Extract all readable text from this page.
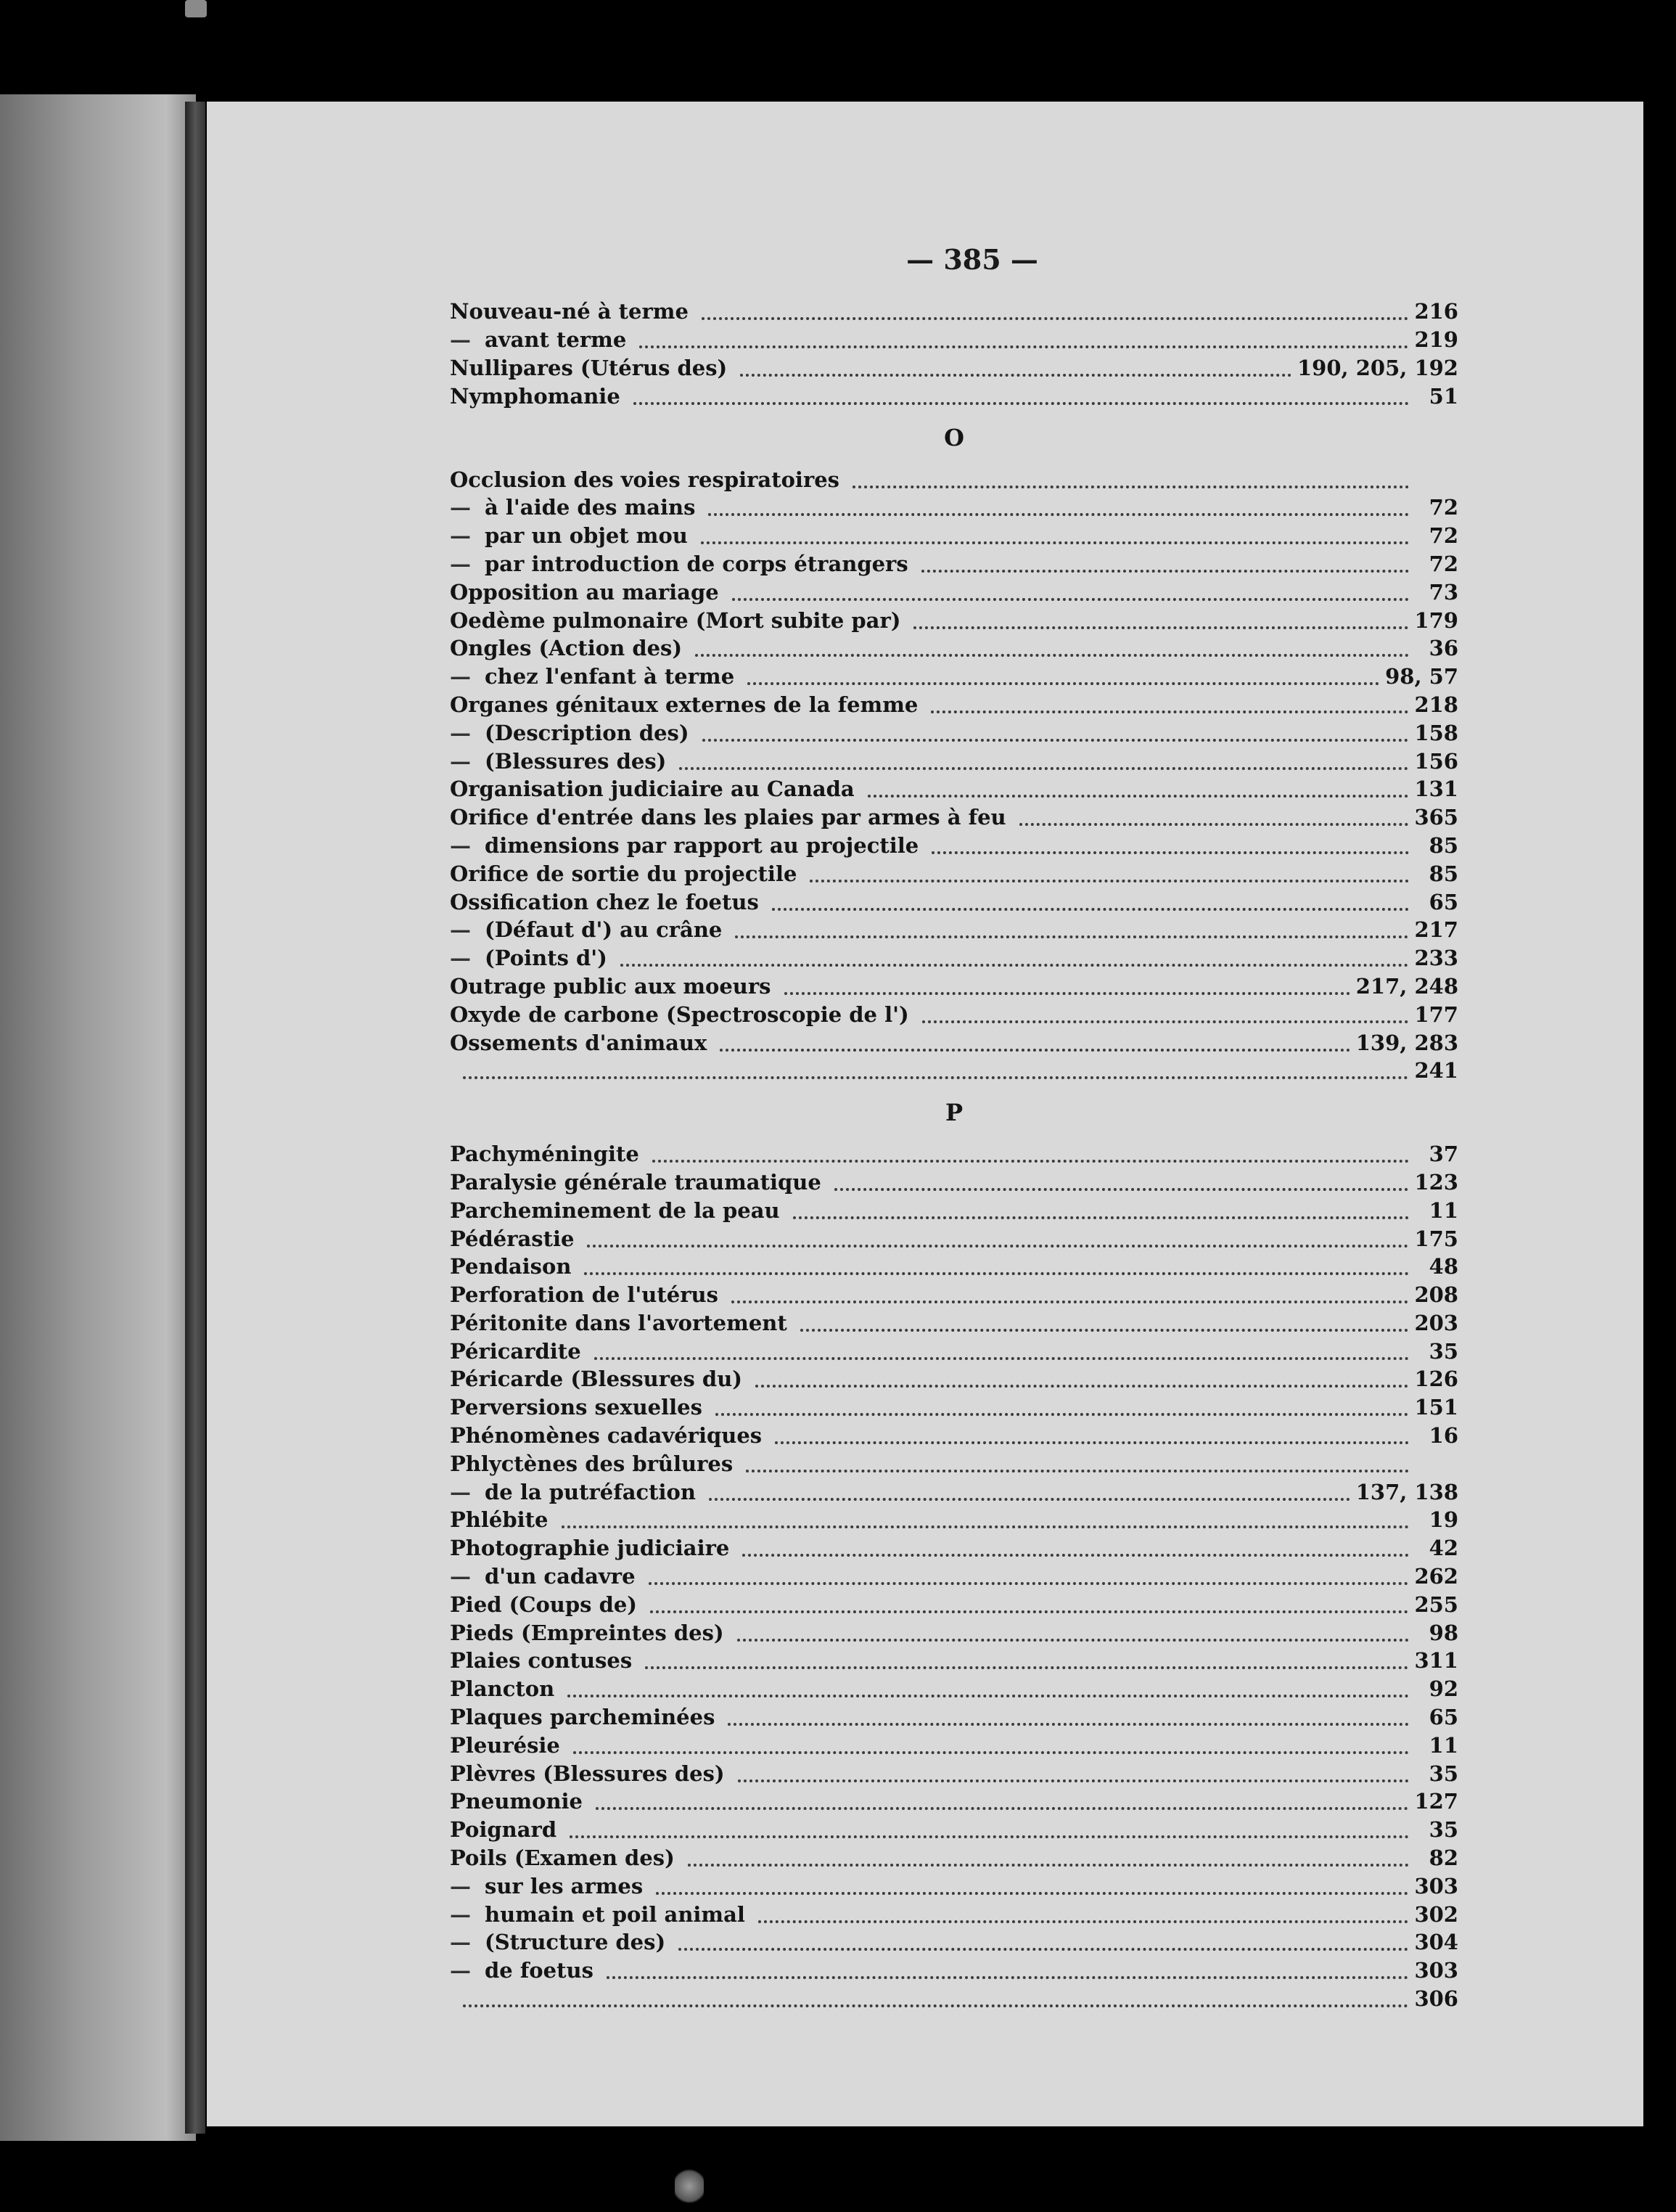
— 385 —
Nouveau-né à terme	216
— avant terme	219
Nullipares (Utérus des)	190, 205, 192
Nymphomanie	51
O
Occlusion des voies respiratoires
— à l'aide des mains	72
— par un objet mou	72
— par introduction de corps étrangers	72
Opposition au mariage	73
Oedème pulmonaire (Mort subite par)	179
Ongles (Action des)	36
— chez l'enfant à terme	98, 57
Organes génitaux externes de la femme	218
— (Description des)	158
— (Blessures des)	156
Organisation judiciaire au Canada	131
Orifice d'entrée dans les plaies par armes à feu	365
— dimensions par rapport au projectile	85
Orifice de sortie du projectile	85
Ossification chez le foetus	65
— (Défaut d') au crâne	217
— (Points d')	233
Outrage public aux moeurs	217, 248
Oxyde de carbone (Spectroscopie de l')	177
Ossements d'animaux	139, 283
241
P
Pachyméningite	37
Paralysie générale traumatique	123
Parcheminement de la peau	11
Pédérastie	175
Pendaison	48
Perforation de l'utérus	208
Péritonite dans l'avortement	203
Péricardite	35
Péricarde (Blessures du)	126
Perversions sexuelles	151
Phénomènes cadavériques	16
Phlyctènes des brûlures
— de la putréfaction	137, 138
Phlébite	19
Photographie judiciaire	42
— d'un cadavre	262
Pied (Coups de)	255
Pieds (Empreintes des)	98
Plaies contuses	311
Plancton	92
Plaques parcheminées	65
Pleurésie	11
Plèvres (Blessures des)	35
Pneumonie	127
Poignard	35
Poils (Examen des)	82
— sur les armes	303
— humain et poil animal	302
— (Structure des)	304
— de foetus	303
306
